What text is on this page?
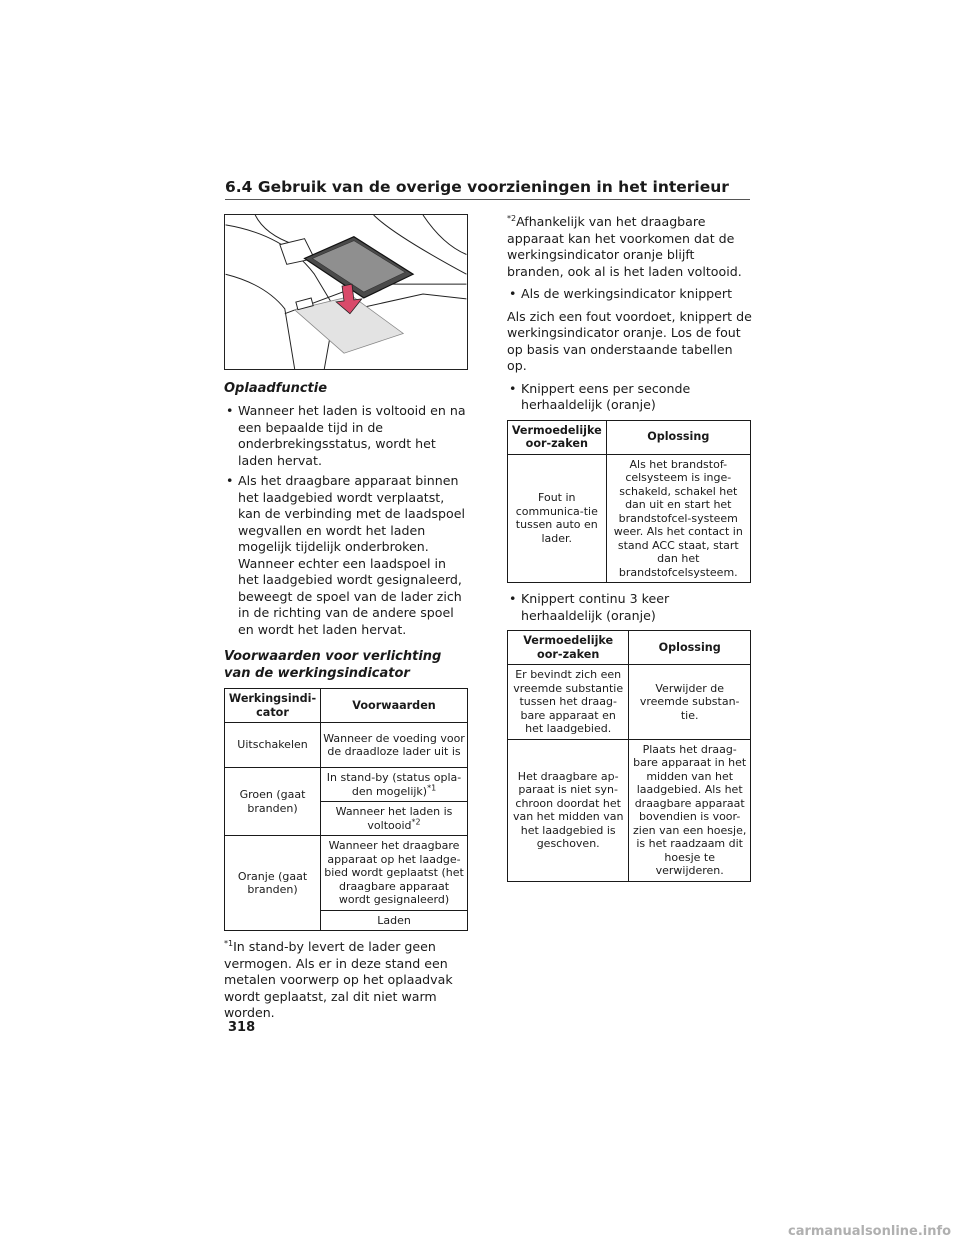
6.4 Gebruik van de overige voorzieningen in het interieur
Oplaadfunctie
• Wanneer het laden is voltooid en na een bepaalde tijd in de onderbrekingsstatus, wordt het laden hervat.
• Als het draagbare apparaat binnen het laadgebied wordt verplaatst, kan de verbinding met de laadspoel wegvallen en wordt het laden mogelijk tijdelijk onderbroken. Wanneer echter een laadspoel in het laadgebied wordt gesignaleerd, beweegt de spoel van de lader zich in de richting van de andere spoel en wordt het laden hervat.
Voorwaarden voor verlichting van de werkingsindicator
Werkingsindi-cator	Voorwaarden
Uitschakelen	Wanneer de voeding voor de draadloze lader uit is
Groen (gaat branden)	In stand-by (status opla-den mogelijk)$^{*1}$
	Wanneer het laden is voltooid$^{*2}$
Oranje (gaat branden)	Wanneer het draagbare apparaat op het laadge-bied wordt geplaatst (het draagbare apparaat wordt gesignaleerd)
	Laden

$^{*1}$In stand-by levert de lader geen vermogen. Als er in deze stand een metalen voorwerp op het oplaadvak wordt geplaatst, zal dit niet warm worden.

$^{*2}$Afhankelijk van het draagbare apparaat kan het voorkomen dat de werkingsindicator oranje blijft branden, ook al is het laden voltooid.

• Als de werkingsindicator knippert

Als zich een fout voordoet, knippert de werkingsindicator oranje. Los de fout op basis van onderstaande tabellen op.

• Knippert eens per seconde herhaaldelijk (oranje)
Vermoedelijke oor-zaken	Oplossing
Fout in communica-tie tussen auto en lader.	Als het brandstof-celsysteem is inge-schakeld, schakel het dan uit en start het brandstofcel-systeem weer. Als het contact in stand ACC staat, start dan het brandstofcelsysteem.
• Knippert continu 3 keer herhaaldelijk (oranje)
Vermoedelijke oor-zaken	Oplossing
Er bevindt zich een vreemde substantie tussen het draag-bare apparaat en het laadgebied.	Verwijder de vreemde substan-tie.
Het draagbare ap-paraat is niet syn-chroon doordat het van het midden van het laadgebied is geschoven.	Plaats het draag-bare apparaat in het midden van het laadgebied. Als het draagbare apparaat bovendien is voor-zien van een hoesje, is het raadzaam dit hoesje te verwijderen.
318
carmanualsonline.info
